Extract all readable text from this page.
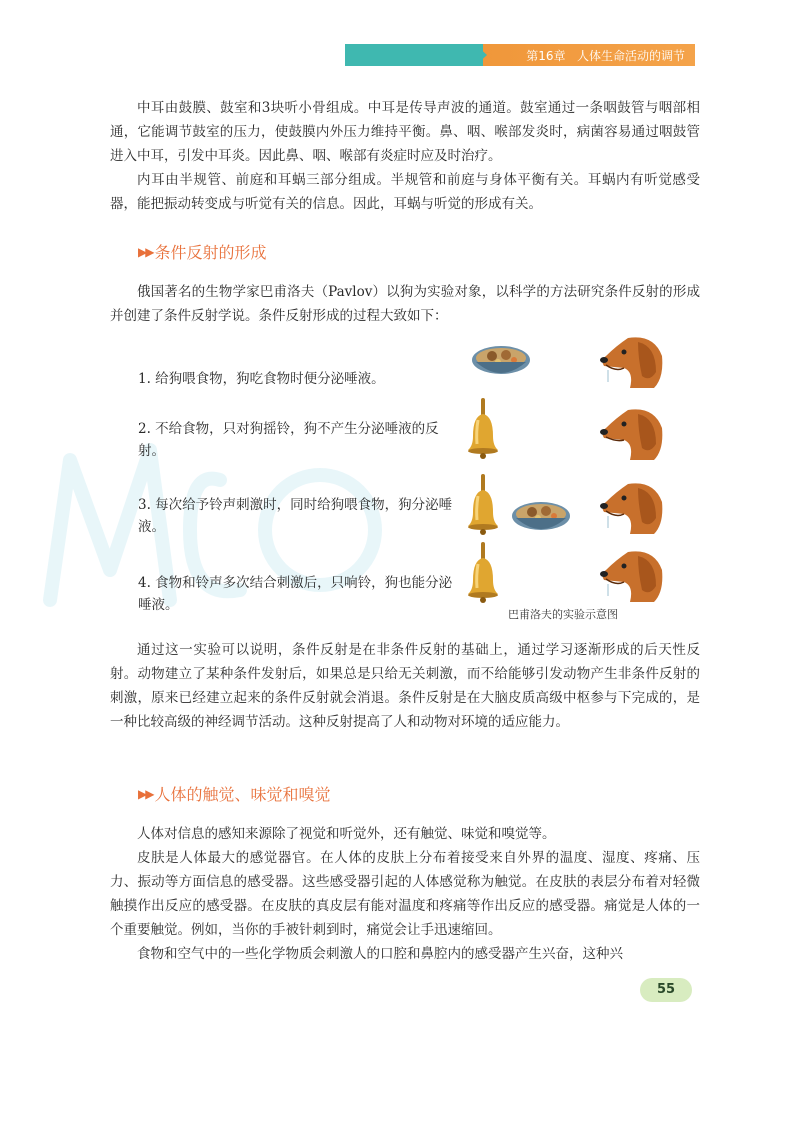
第16章 人体生命活动的调节

中耳由鼓膜、鼓室和3块听小骨组成。中耳是传导声波的通道。鼓室通过一条咽鼓管与咽部相通，它能调节鼓室的压力，使鼓膜内外压力维持平衡。鼻、咽、喉部发炎时，病菌容易通过咽鼓管进入中耳，引发中耳炎。因此鼻、咽、喉部有炎症时应及时治疗。

内耳由半规管、前庭和耳蜗三部分组成。半规管和前庭与身体平衡有关。耳蜗内有听觉感受器，能把振动转变成与听觉有关的信息。因此，耳蜗与听觉的形成有关。

▶▶ 条件反射的形成

俄国著名的生物学家巴甫洛夫（Pavlov）以狗为实验对象，以科学的方法研究条件反射的形成并创建了条件反射学说。条件反射形成的过程大致如下：

1. 给狗喂食物，狗吃食物时便分泌唾液。
2. 不给食物，只对狗摇铃，狗不产生分泌唾液的反射。
3. 每次给予铃声刺激时，同时给狗喂食物，狗分泌唾液。
4. 食物和铃声多次结合刺激后，只响铃，狗也能分泌唾液。
巴甫洛夫的实验示意图

通过这一实验可以说明，条件反射是在非条件反射的基础上，通过学习逐渐形成的后天性反射。动物建立了某种条件发射后，如果总是只给无关刺激，而不给能够引发动物产生非条件反射的刺激，原来已经建立起来的条件反射就会消退。条件反射是在大脑皮质高级中枢参与下完成的，是一种比较高级的神经调节活动。这种反射提高了人和动物对环境的适应能力。

▶▶ 人体的触觉、味觉和嗅觉

人体对信息的感知来源除了视觉和听觉外，还有触觉、味觉和嗅觉等。

皮肤是人体最大的感觉器官。在人体的皮肤上分布着接受来自外界的温度、湿度、疼痛、压力、振动等方面信息的感受器。这些感受器引起的人体感觉称为触觉。在皮肤的表层分布着对轻微触摸作出反应的感受器。在皮肤的真皮层有能对温度和疼痛等作出反应的感受器。痛觉是人体的一个重要触觉。例如，当你的手被针刺到时，痛觉会让手迅速缩回。

食物和空气中的一些化学物质会刺激人的口腔和鼻腔内的感受器产生兴奋，这种兴

55
